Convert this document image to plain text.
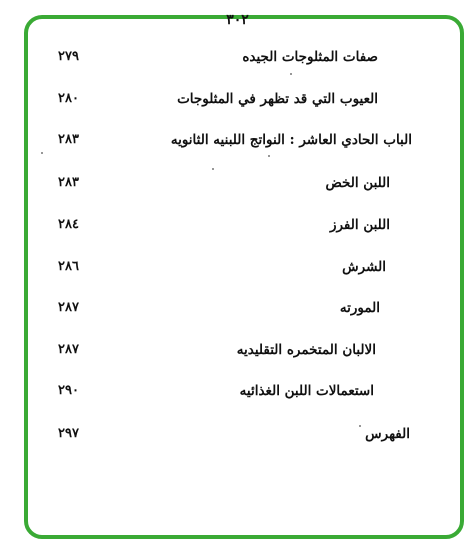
٣٠٢
صفات المثلوجات الجيده
٢٧٩
العيوب التي قد تظهر في المثلوجات
٢٨٠
الباب الحادي العاشر : النواتج اللبنيه الثانويه
٢٨٣
اللبن الخض
٢٨٣
اللبن الفرز
٢٨٤
الشرش
٢٨٦
المورته
٢٨٧
الالبان المتخمره التقليديه
٢٨٧
استعمالات اللبن الغذائيه
٢٩٠
الفهرس
٢٩٧
